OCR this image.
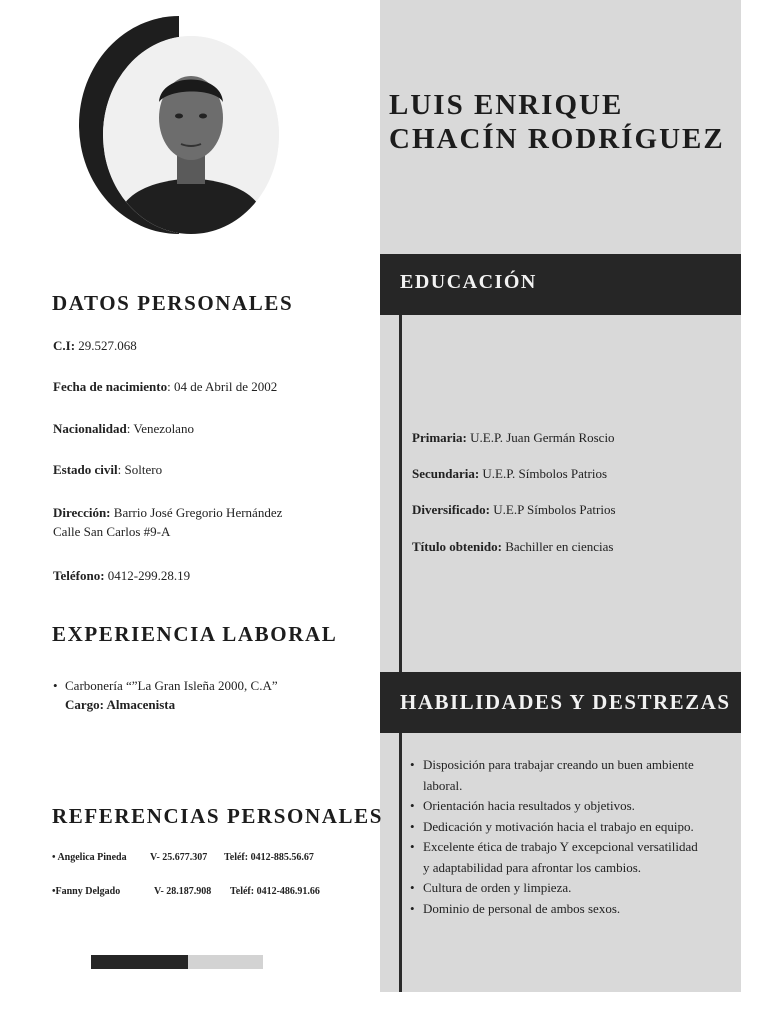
LUIS ENRIQUE
CHACÍN RODRÍGUEZ
DATOS PERSONALES
C.I: 29.527.068
Fecha de nacimiento: 04 de Abril de 2002
Nacionalidad: Venezolano
Estado civil: Soltero
Dirección: Barrio José Gregorio Hernández
Calle San Carlos #9-A
Teléfono: 0412-299.28.19
EXPERIENCIA LABORAL
• Carbonería “”La Gran Isleña 2000, C.A”
Cargo: Almacenista
REFERENCIAS PERSONALES
• Angelica Pineda V- 25.677.307 Teléf: 0412-885.56.67
•Fanny Delgado	V- 28.187.908 Teléf: 0412-486.91.66
EDUCACIÓN
Primaria: U.E.P. Juan Germán Roscio
Secundaria: U.E.P. Símbolos Patrios
Diversificado: U.E.P Símbolos Patrios
Título obtenido: Bachiller en ciencias
HABILIDADES Y DESTREZAS
• Disposición para trabajar creando un buen ambiente laboral.
• Orientación hacia resultados y objetivos.
• Dedicación y motivación hacia el trabajo en equipo.
• Excelente ética de trabajo Y excepcional versatilidad y adaptabilidad para afrontar los cambios.
• Cultura de orden y limpieza.
• Dominio de personal de ambos sexos.
